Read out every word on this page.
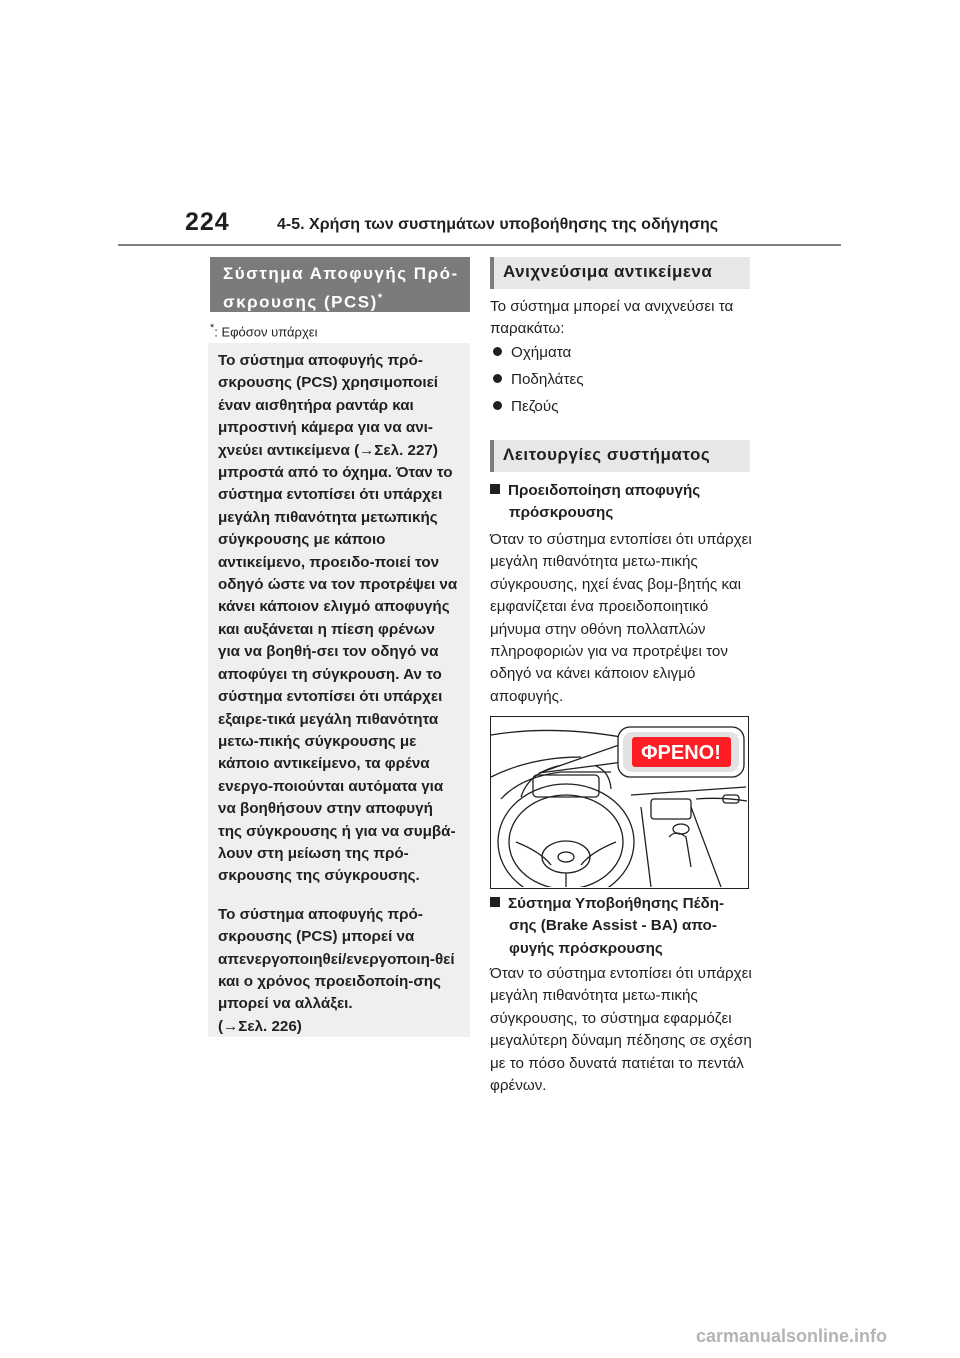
224	4-5. Χρήση των συστημάτων υποβοήθησης της οδήγησης
Σύστημα Αποφυγής Πρό-
σκρουσης (PCS)*
*: Εφόσον υπάρχει

Το σύστημα αποφυγής πρό-σκρουσης (PCS) χρησιμοποιεί έναν αισθητήρα ραντάρ και μπροστινή κάμερα για να ανι-χνεύει αντικείμενα (→Σελ. 227) μπροστά από το όχημα. Όταν το σύστημα εντοπίσει ότι υπάρχει μεγάλη πιθανότητα μετωπικής σύγκρουσης με κάποιο αντικείμενο, προειδο-ποιεί τον οδηγό ώστε να τον προτρέψει να κάνει κάποιον ελιγμό αποφυγής και αυξάνεται η πίεση φρένων για να βοηθή-σει τον οδηγό να αποφύγει τη σύγκρουση. Αν το σύστημα εντοπίσει ότι υπάρχει εξαιρε-τικά μεγάλη πιθανότητα μετω-πικής σύγκρουσης με κάποιο αντικείμενο, τα φρένα ενεργο-ποιούνται αυτόματα για να βοηθήσουν στην αποφυγή της σύγκρουσης ή για να συμβά-λουν στη μείωση της πρό-σκρουσης της σύγκρουσης.

Το σύστημα αποφυγής πρό-σκρουσης (PCS) μπορεί να απενεργοποιηθεί/ενεργοποιη-θεί και ο χρόνος προειδοποίη-σης μπορεί να αλλάξει.

(→Σελ. 226)
Ανιχνεύσιμα αντικείμενα
Το σύστημα μπορεί να ανιχνεύσει τα παρακάτω:
Οχήματα
Ποδηλάτες
Πεζούς
Λειτουργίες συστήματος
Προειδοποίηση αποφυγής
πρόσκρουσης
Όταν το σύστημα εντοπίσει ότι υπάρχει μεγάλη πιθανότητα μετω-πικής σύγκρουσης, ηχεί ένας βομ-βητής και εμφανίζεται ένα προειδοποιητικό μήνυμα στην οθόνη πολλαπλών πληροφοριών για να προτρέψει τον οδηγό να κάνει κάποιον ελιγμό αποφυγής.
ΦΡΕΝΟ!
Σύστημα Υποβοήθησης Πέδη-
σης (Brake Assist - BA) απο-
φυγής πρόσκρουσης
Όταν το σύστημα εντοπίσει ότι υπάρχει μεγάλη πιθανότητα μετω-πικής σύγκρουσης, το σύστημα εφαρμόζει μεγαλύτερη δύναμη πέδησης σε σχέση με το πόσο δυνατά πατιέται το πεντάλ φρένων.
carmanualsonline.info
